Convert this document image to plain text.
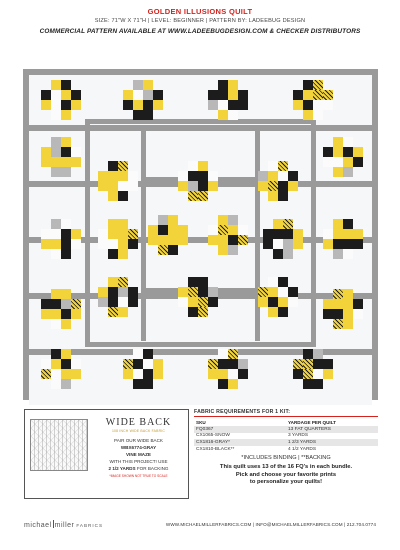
GOLDEN ILLUSIONS QUILT
SIZE: 71"W X 71"H | LEVEL: BEGINNER | PATTERN BY: LADEEBUG DESIGN
COMMERCIAL PATTERN AVAILABLE AT WWW.LADEEBUGDESIGN.COM & CHECKER DISTRIBUTORS
WIDE BACK
108 INCH WIDE BACK FABRIC
PAIR OUR WIDE BACK
WBX6774-GRAY
VINE MAZE
WITH THIS PROJECT! USE
2 1/2 YARDS FOR BACKING
*IMAGE SHOWN NOT TRUE TO SCALE
FABRIC REQUIREMENTS FOR 1 KIT:
SKU	YARDAGE PER QUILT
FQ0367	13 FAT QUARTERS
CX1065-SNOW	3 YARDS
CX1816-GRAY*	1 2/3 YARDS
CX1810-BLACK**	4 1/2 YARDS
*INCLUDES BINDING | **BACKING
This quilt uses 13 of the 16 FQ's in each bundle.
Pick and choose your favorite prints
to personalize your quilts!
michael miller FABRICS	WWW.MICHAELMILLERFABRICS.COM | INFO@MICHAELMILLERFABRICS.COM | 212.704.0774
